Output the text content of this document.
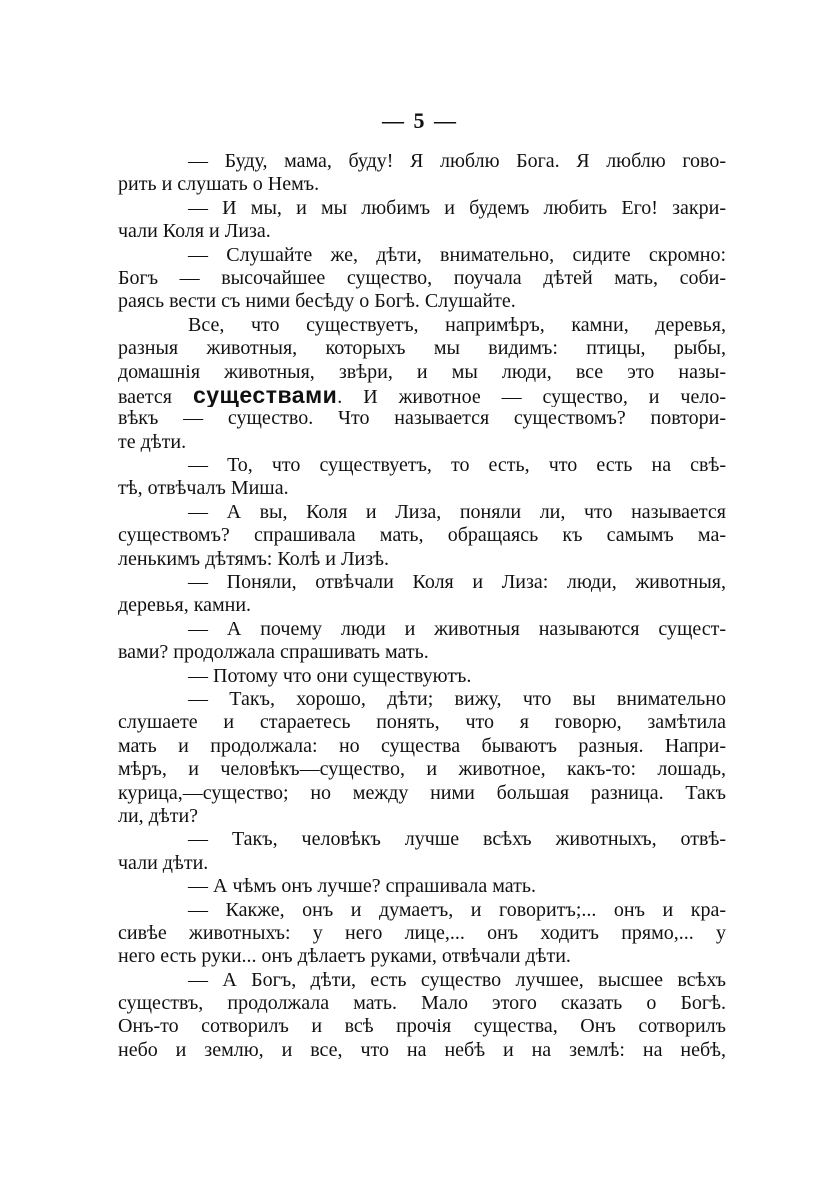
— 5 —
— Буду, мама, буду! Я люблю Бога. Я люблю гово-
рить и слушать о Немъ.
— И мы, и мы любимъ и будемъ любить Его! закри-
чали Коля и Лиза.
— Слушайте же, дѣти, внимательно, сидите скромно:
Богъ — высочайшее существо, поучала дѣтей мать, соби-
раясь вести съ ними бесѣду о Богѣ. Слушайте.
Все, что существуетъ, напримѣръ, камни, деревья,
разныя животныя, которыхъ мы видимъ: птицы, рыбы,
домашнія животныя, звѣри, и мы люди, все это назы-
вается существами. И животное — существо, и чело-
вѣкъ — существо. Что называется существомъ? повтори-
те дѣти.
— То, что существуетъ, то есть, что есть на свѣ-
тѣ, отвѣчалъ Миша.
— А вы, Коля и Лиза, поняли ли, что называется
существомъ? спрашивала мать, обращаясь къ самымъ ма-
ленькимъ дѣтямъ: Колѣ и Лизѣ.
— Поняли, отвѣчали Коля и Лиза: люди, животныя,
деревья, камни.
— А почему люди и животныя называются сущест-
вами? продолжала спрашивать мать.
— Потому что они существуютъ.
— Такъ, хорошо, дѣти; вижу, что вы внимательно
слушаете и стараетесь понять, что я говорю, замѣтила
мать и продолжала: но существа бываютъ разныя. Напри-
мѣръ, и человѣкъ—существо, и животное, какъ-то: лошадь,
курица,—существо; но между ними большая разница. Такъ
ли, дѣти?
— Такъ, человѣкъ лучше всѣхъ животныхъ, отвѣ-
чали дѣти.
— А чѣмъ онъ лучше? спрашивала мать.
— Какже, онъ и думаетъ, и говоритъ;... онъ и кра-
сивѣе животныхъ: у него лице,... онъ ходитъ прямо,... у
него есть руки... онъ дѣлаетъ руками, отвѣчали дѣти.
— А Богъ, дѣти, есть существо лучшее, высшее всѣхъ
существъ, продолжала мать. Мало этого сказать о Богѣ.
Онъ-то сотворилъ и всѣ прочія существа, Онъ сотворилъ
небо и землю, и все, что на небѣ и на землѣ: на небѣ,
